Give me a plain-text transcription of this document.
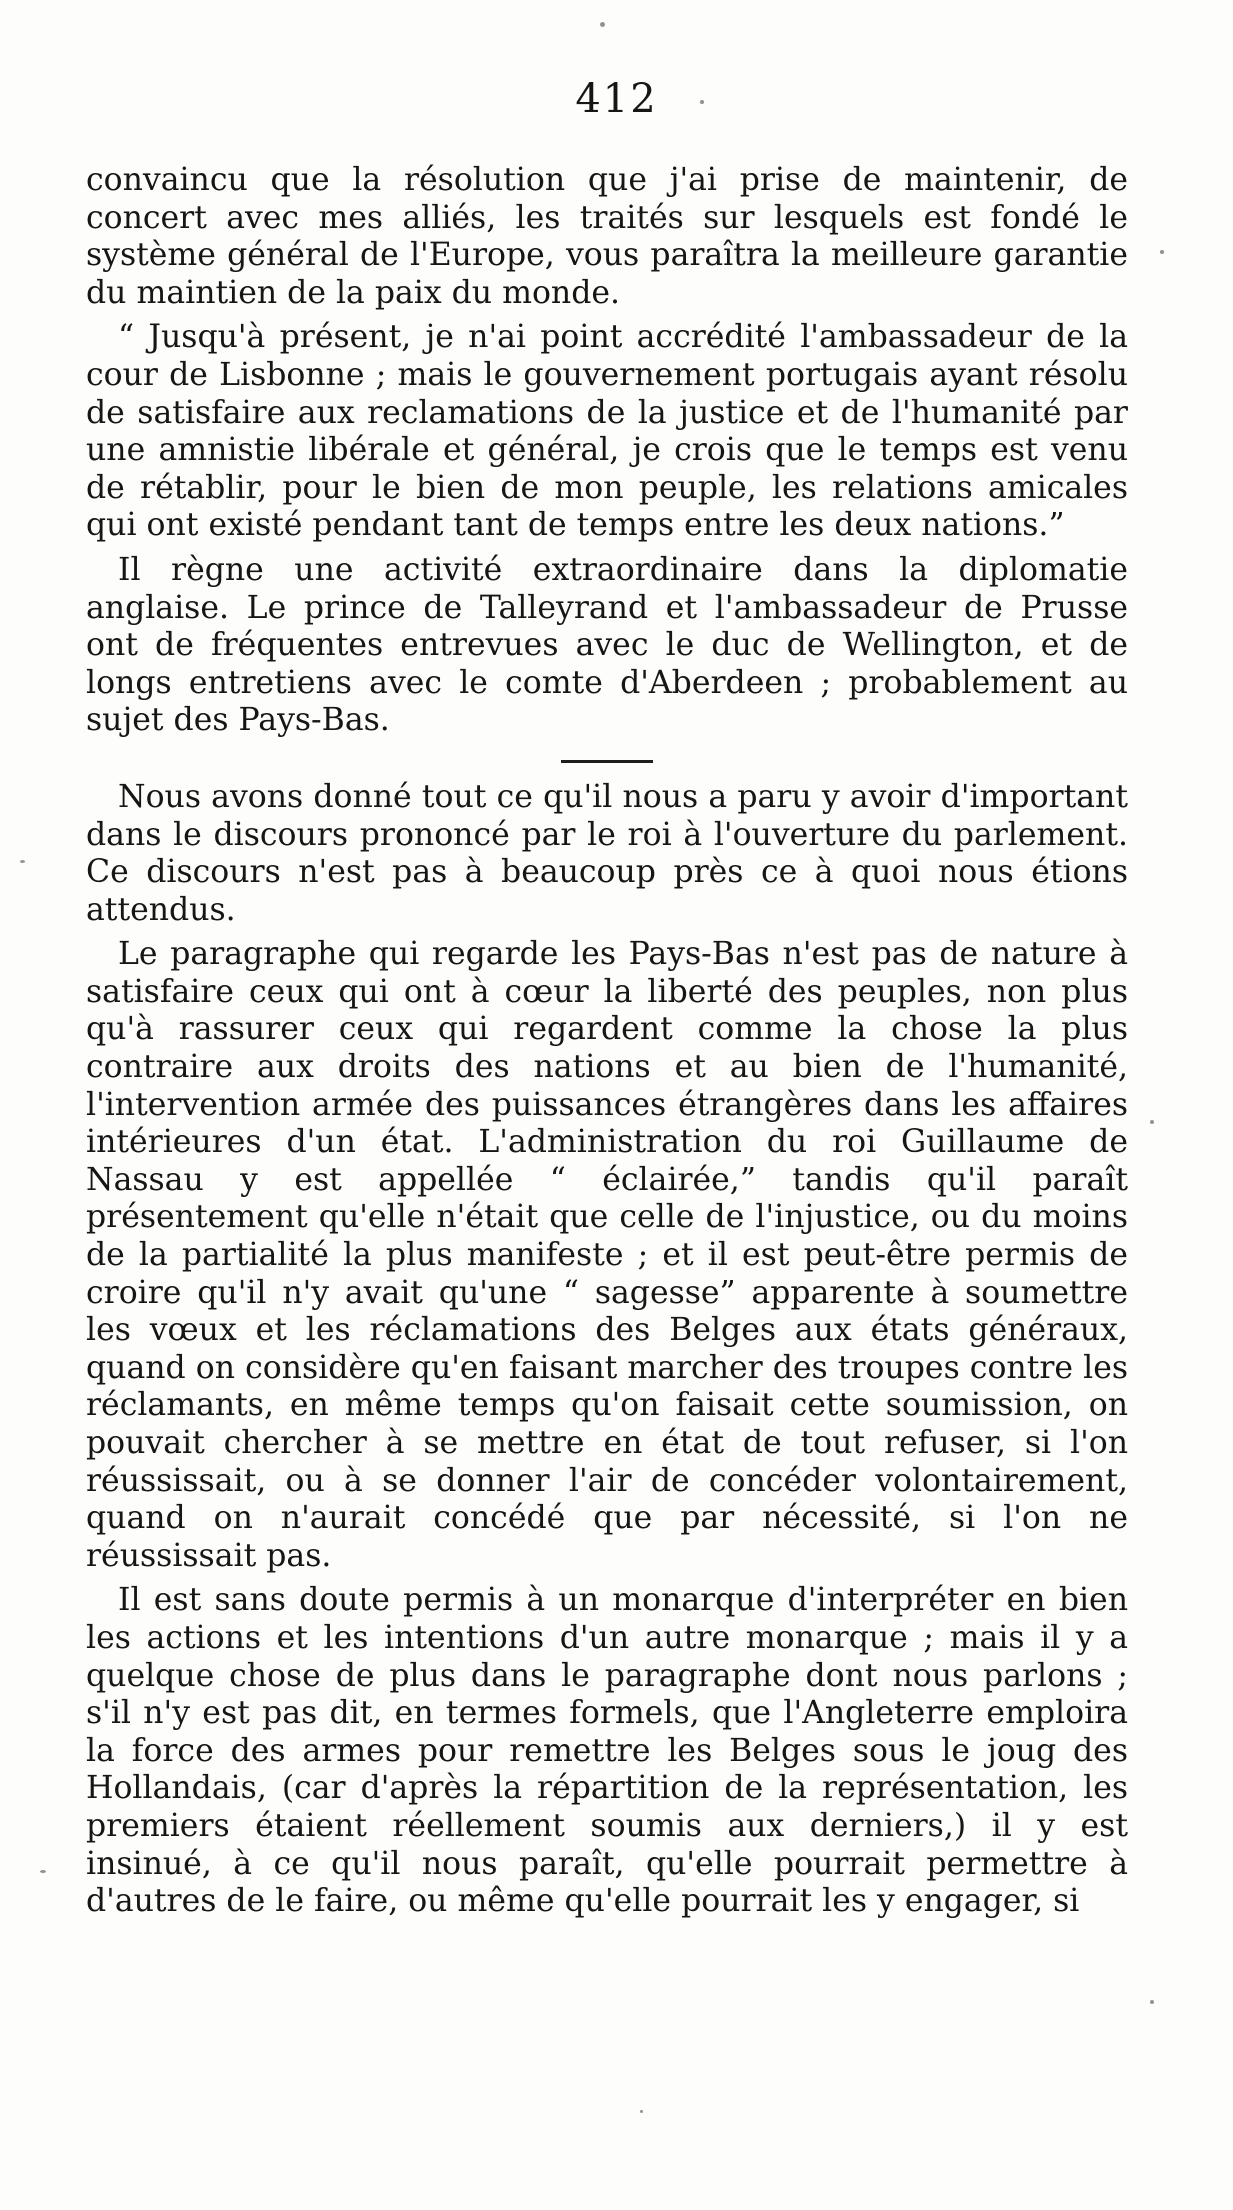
412

convaincu que la résolution que j'ai prise de maintenir, de concert avec mes alliés, les traités sur lesquels est fondé le système général de l'Europe, vous paraîtra la meilleure garantie du maintien de la paix du monde.

“ Jusqu'à présent, je n'ai point accrédité l'ambassadeur de la cour de Lisbonne ; mais le gouvernement portugais ayant résolu de satisfaire aux reclamations de la justice et de l'humanité par une amnistie libérale et général, je crois que le temps est venu de rétablir, pour le bien de mon peuple, les relations amicales qui ont existé pendant tant de temps entre les deux nations.”

Il règne une activité extraordinaire dans la diplomatie anglaise. Le prince de Talleyrand et l'ambassadeur de Prusse ont de fréquentes entrevues avec le duc de Wellington, et de longs entretiens avec le comte d'Aberdeen ; probablement au sujet des Pays-Bas.

Nous avons donné tout ce qu'il nous a paru y avoir d'important dans le discours prononcé par le roi à l'ouverture du parlement. Ce discours n'est pas à beaucoup près ce à quoi nous étions attendus.

Le paragraphe qui regarde les Pays-Bas n'est pas de nature à satisfaire ceux qui ont à cœur la liberté des peuples, non plus qu'à rassurer ceux qui regardent comme la chose la plus contraire aux droits des nations et au bien de l'humanité, l'intervention armée des puissances étrangères dans les affaires intérieures d'un état. L'administration du roi Guillaume de Nassau y est appellée “ éclairée,” tandis qu'il paraît présentement qu'elle n'était que celle de l'injustice, ou du moins de la partialité la plus manifeste ; et il est peut-être permis de croire qu'il n'y avait qu'une “ sagesse” apparente à soumettre les vœux et les réclamations des Belges aux états généraux, quand on considère qu'en faisant marcher des troupes contre les réclamants, en même temps qu'on faisait cette soumission, on pouvait chercher à se mettre en état de tout refuser, si l'on réussissait, ou à se donner l'air de concéder volontairement, quand on n'aurait concédé que par nécessité, si l'on ne réussissait pas.

Il est sans doute permis à un monarque d'interpréter en bien les actions et les intentions d'un autre monarque ; mais il y a quelque chose de plus dans le paragraphe dont nous parlons ; s'il n'y est pas dit, en termes formels, que l'Angleterre emploira la force des armes pour remettre les Belges sous le joug des Hollandais, (car d'après la répartition de la représentation, les premiers étaient réellement soumis aux derniers,) il y est insinué, à ce qu'il nous paraît, qu'elle pourrait permettre à d'autres de le faire, ou même qu'elle pourrait les y engager, si
